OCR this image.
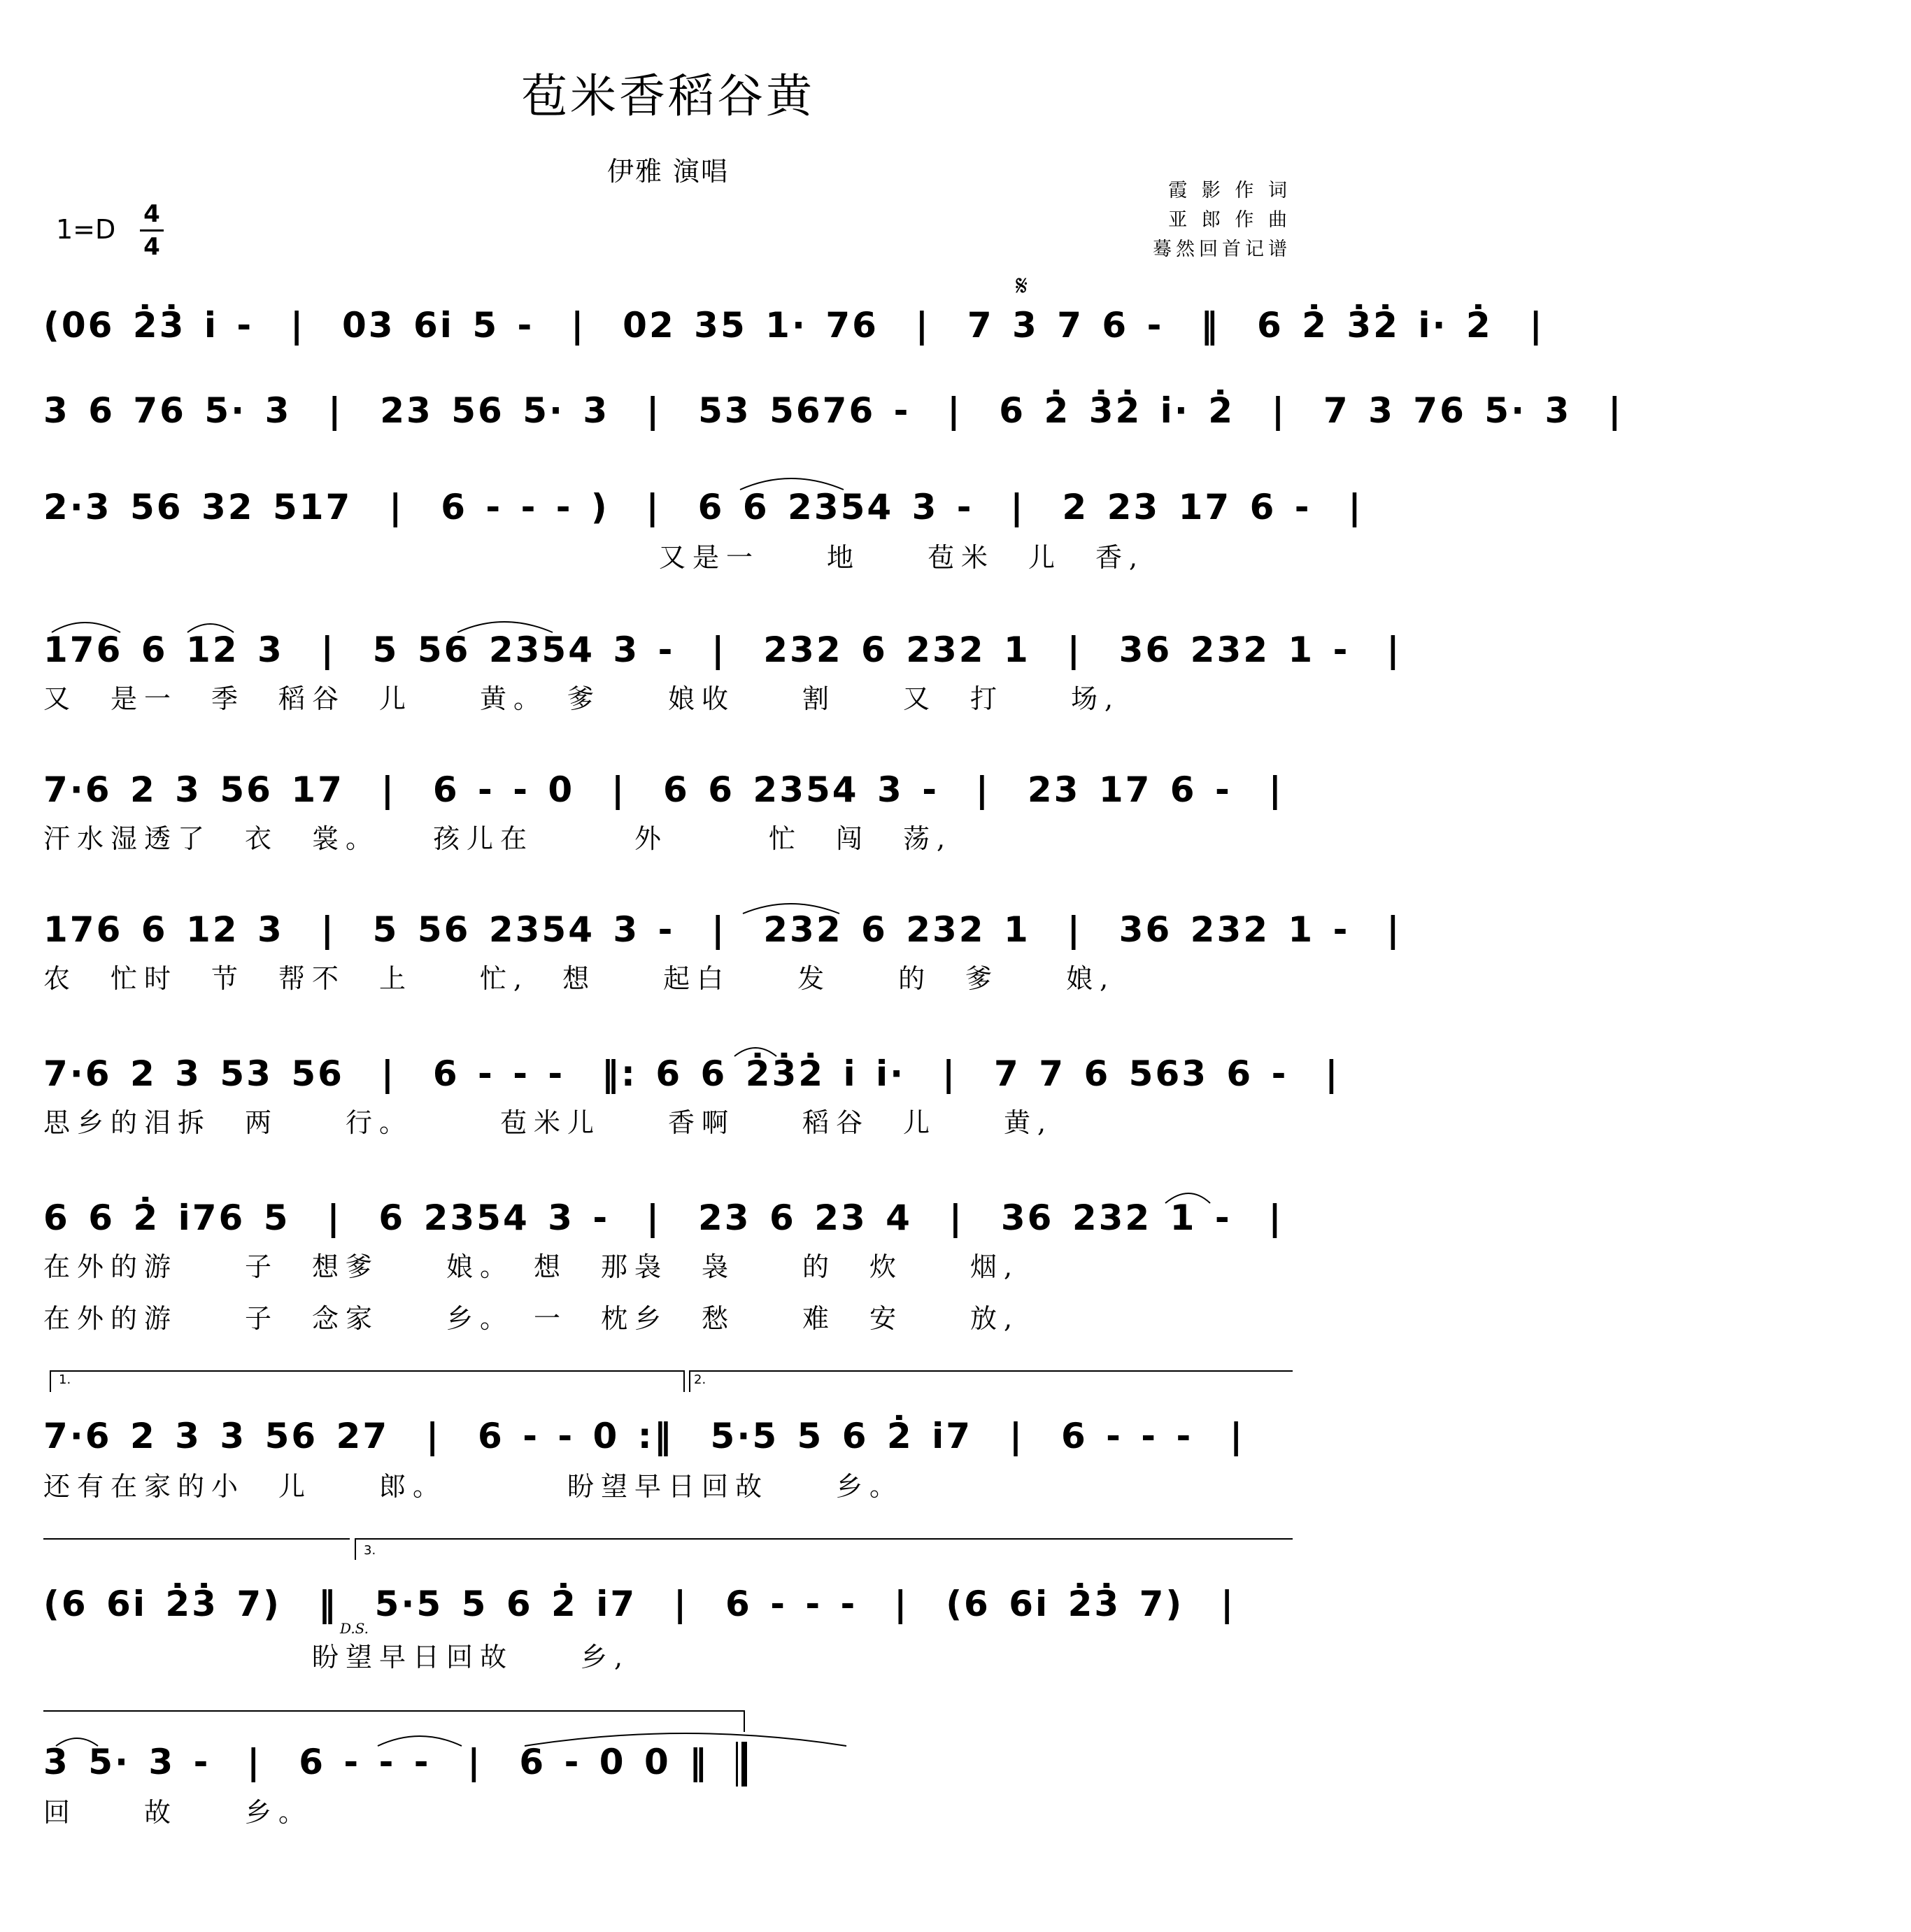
苞米香稻谷黄
伊雅 演唱
霞 影 作 词
亚 郎 作 曲
蓦然回首记谱
1=D 4
4
𝄋
(06 2̇3̇ i̇ -  |  03 6i̇ 5 -  |  02 35 1· 76  |  7 3 7 6 -  ‖  6 2̇ 3̇2̇ i̇· 2̇  |
3 6 76 5· 3  |  23 56 5· 3  |  53 5676 -  |  6 2̇ 3̇2̇ i̇· 2̇  |  7 3 76 5· 3  |
2·3 56 32 517  |  6 - - - )  |  6 6 2354 3 -  |  2 23 17 6 -  |
又是一　　地　　苞米　儿　香,
176 6 12 3  |  5 56 2354 3 -  |  232 6 232 1  |  36 232 1 -  |
又　是一　季　稻谷　儿　　黄。　爹　　娘收　　割　　又　打　　场,
7·6 2 3 56 17  |  6 - - 0  |  6 6 2354 3 -  |  23 17 6 -  |
汗水湿透了　衣　裳。　　孩儿在　　　外　　　忙　闯　荡,
176 6 12 3  |  5 56 2354 3 -  |  232 6 232 1  |  36 232 1 -  |
农　忙时　节　帮不　上　　忙,　想　　起白　　发　　的　爹　　娘,
7·6 2 3 53 56  |  6 - - -  ‖: 6 6 2̇3̇2̇ i̇ i̇·  |  7 7 6 563 6 -  |
思乡的泪拆　两　　行。　　　苞米儿　　香啊　　稻谷　儿　　黄,
6 6 2̇ i̇76 5  |  6 2354 3 -  |  23 6 23 4  |  36 232 1 -  |
在外的游　　子　想爹　　娘。　想　那袅　袅　　的　炊　　烟,
在外的游　　子　念家　　乡。　一　枕乡　愁　　难　安　　放,
1.	2.
7·6 2 3 3 56 27  |  6 - - 0 :‖  5·5 5 6 2̇ i̇7  |  6 - - -  |
还有在家的小　儿　　郎。　　　　盼望早日回故　　乡。
3.
(6 6i̇ 2̇3̇ 7)  ‖  5·5 5 6 2̇ i̇7  |  6 - - -  |  (6 6i̇ 2̇3̇ 7)  |
D.S.
　　　　　　　　盼望早日回故　　乡,
3 5· 3 -  |  6 - - -  |  6 - 0 0 ‖
回　　故　　乡。
